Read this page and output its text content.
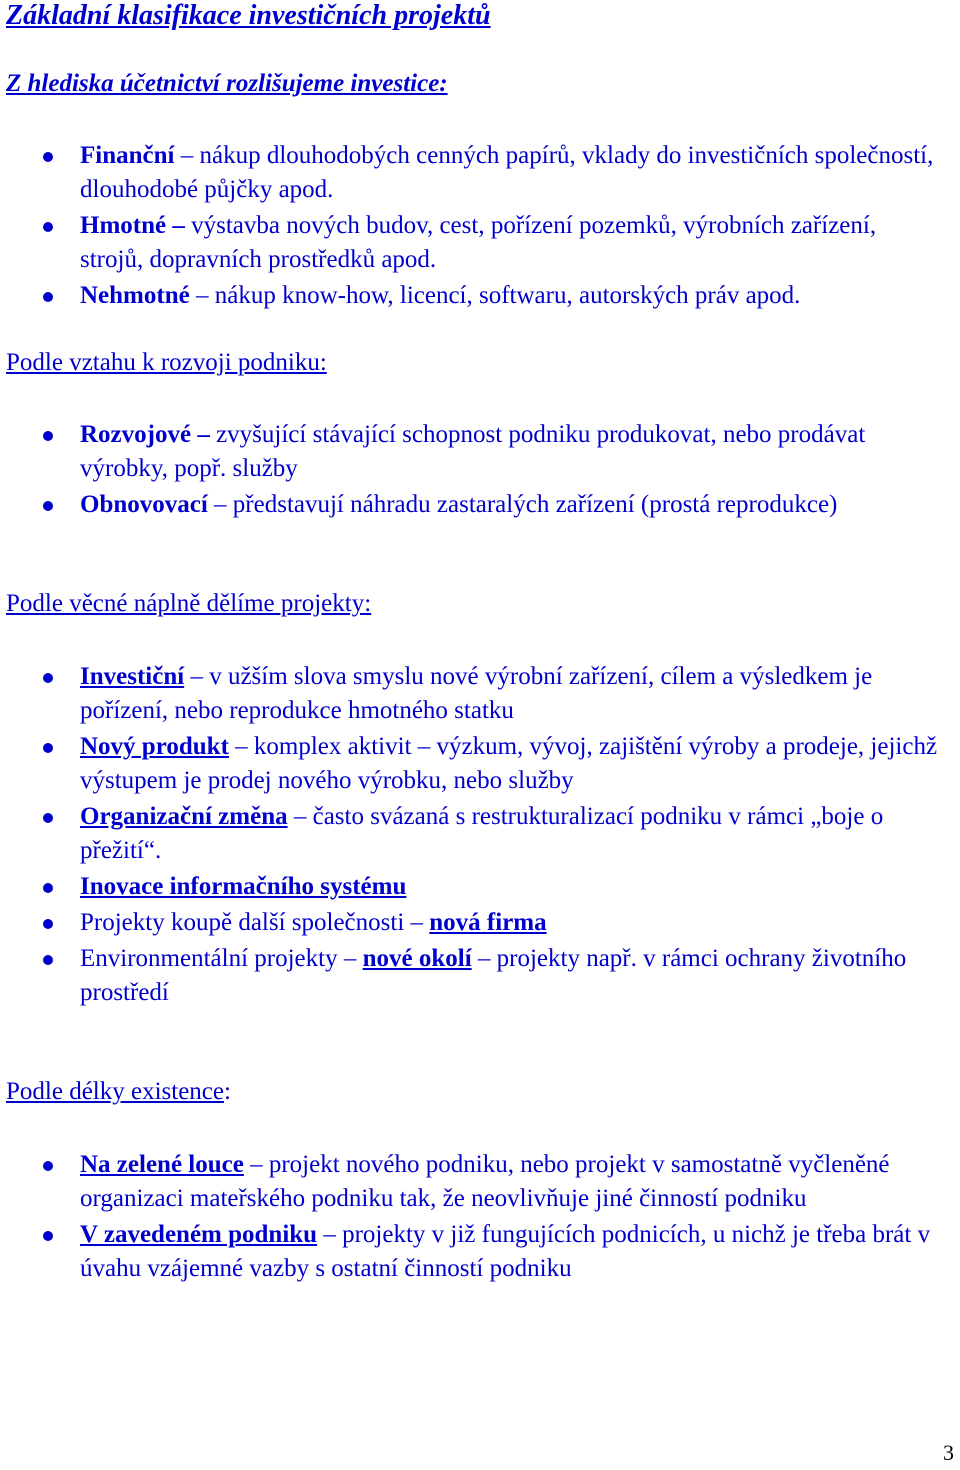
Základní klasifikace investičních projektů
Z hlediska účetnictví rozlišujeme investice:
Finanční – nákup dlouhodobých cenných papírů, vklady do investičních společností, dlouhodobé půjčky apod.
Hmotné – výstavba nových budov, cest, pořízení pozemků, výrobních zařízení, strojů, dopravních prostředků apod.
Nehmotné – nákup know-how, licencí, softwaru, autorských práv apod.
Podle vztahu k rozvoji podniku:
Rozvojové – zvyšující stávající schopnost podniku produkovat, nebo prodávat výrobky, popř. služby
Obnovovací – představují náhradu zastaralých zařízení (prostá reprodukce)
Podle věcné náplně dělíme projekty:
Investiční – v užším slova smyslu nové výrobní zařízení, cílem a výsledkem je pořízení, nebo reprodukce hmotného statku
Nový produkt – komplex aktivit – výzkum, vývoj, zajištění výroby a prodeje, jejichž výstupem je prodej nového výrobku, nebo služby
Organizační změna – často svázaná s restrukturalizací podniku v rámci „boje o přežití“.
Inovace informačního systému
Projekty koupě další společnosti – nová firma
Environmentální projekty – nové okolí – projekty např. v rámci ochrany životního prostředí
Podle délky existence:
Na zelené louce – projekt nového podniku, nebo projekt v samostatně vyčleněné organizaci mateřského podniku tak, že neovlivňuje jiné činností podniku
V zavedeném podniku – projekty v již fungujících podnicích, u nichž je třeba brát v úvahu vzájemné vazby s ostatní činností podniku
3
